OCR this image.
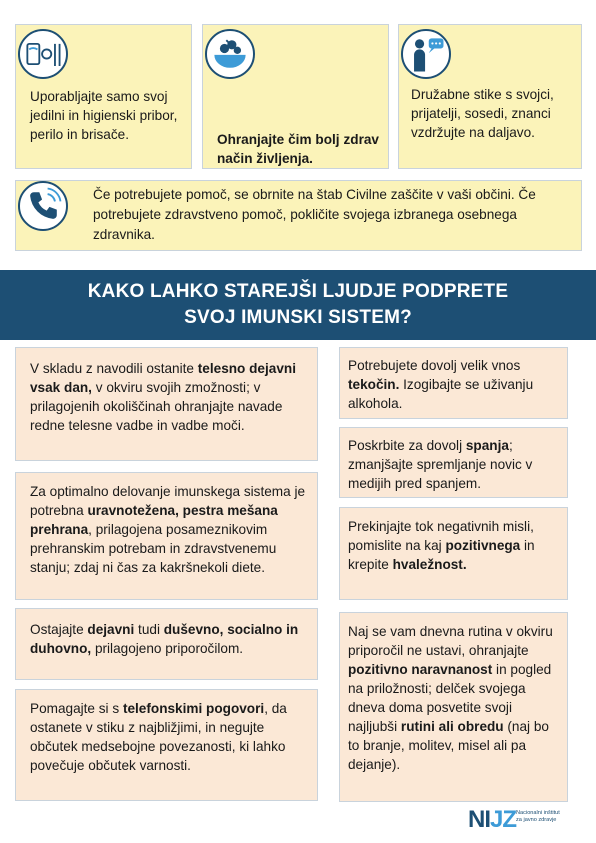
Uporabljajte samo svoj jedilni in higienski pribor, perilo in brisače.	Ohranjajte čim bolj zdrav način življenja.
Družabne stike s svojci, prijatelji, sosedi, znanci vzdržujte na daljavo.
Če potrebujete pomoč, se obrnite na štab Civilne zaščite v vaši občini. Če potrebujete zdravstveno pomoč, pokličite svojega izbranega osebnega zdravnika.
KAKO LAHKO STAREJŠI LJUDJE PODPRETE
SVOJ IMUNSKI SISTEM?
V skladu z navodili ostanite telesno dejavni vsak dan, v okviru svojih zmožnosti; v prilagojenih okoliščinah ohranjajte navade redne telesne vadbe in vadbe moči.
Za optimalno delovanje imunskega sistema je potrebna uravnotežena, pestra mešana prehrana, prilagojena posameznikovim prehranskim potrebam in zdravstvenemu stanju; zdaj ni čas za kakršnekoli diete.
Ostajajte dejavni tudi duševno, socialno in duhovno, prilagojeno priporočilom.
Pomagajte si s telefonskimi pogovori, da ostanete v stiku z najbližjimi, in negujte občutek medsebojne povezanosti, ki lahko povečuje občutek varnosti.
Potrebujete dovolj velik vnos tekočin. Izogibajte se uživanju alkohola.
Poskrbite za dovolj spanja; zmanjšajte spremljanje novic v medijih pred spanjem.
Prekinjajte tok negativnih misli, pomislite na kaj pozitivnega in krepite hvaležnost.
Naj se vam dnevna rutina v okviru priporočil ne ustavi, ohranjajte pozitivno naravnanost in pogled na priložnosti; delček svojega dneva doma posvetite svoji najljubši rutini ali obredu (naj bo to branje, molitev, misel ali pa dejanje).
NIJZ Nacionalni inštitut
za javno zdravje
